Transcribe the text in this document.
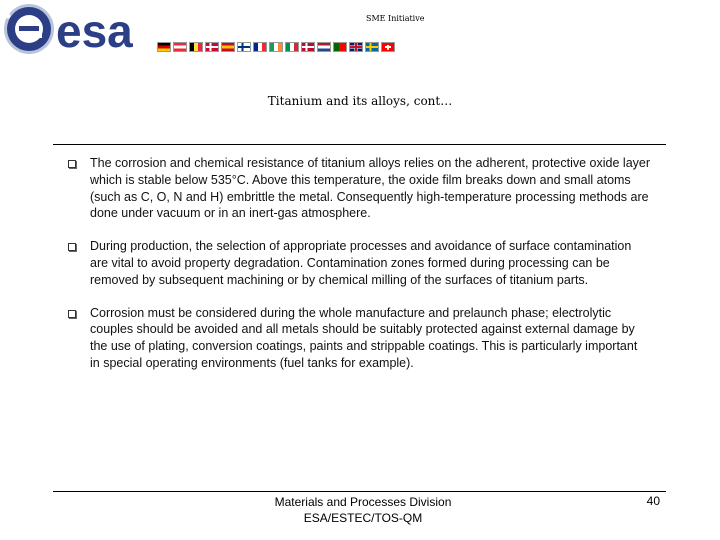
esa	SME Initiative
Titanium and its alloys, cont…
The corrosion and chemical resistance of titanium alloys relies on the adherent, protective oxide layer which is stable below 535°C. Above this temperature, the oxide film breaks down and small atoms (such as C, O, N and H) embrittle the metal. Consequently high-temperature processing methods are done under vacuum or in an inert-gas atmosphere.
During production, the selection of appropriate processes and avoidance of surface contamination are vital to avoid property degradation. Contamination zones formed during processing can be removed by subsequent machining or by chemical milling of the surfaces of titanium parts.
Corrosion must be considered during the whole manufacture and prelaunch phase; electrolytic couples should be avoided and all metals should be suitably protected against external damage by the use of plating, conversion coatings, paints and strippable coatings. This is particularly important in special operating environments (fuel tanks for example).
Materials and Processes Division
ESA/ESTEC/TOS-QM
40
